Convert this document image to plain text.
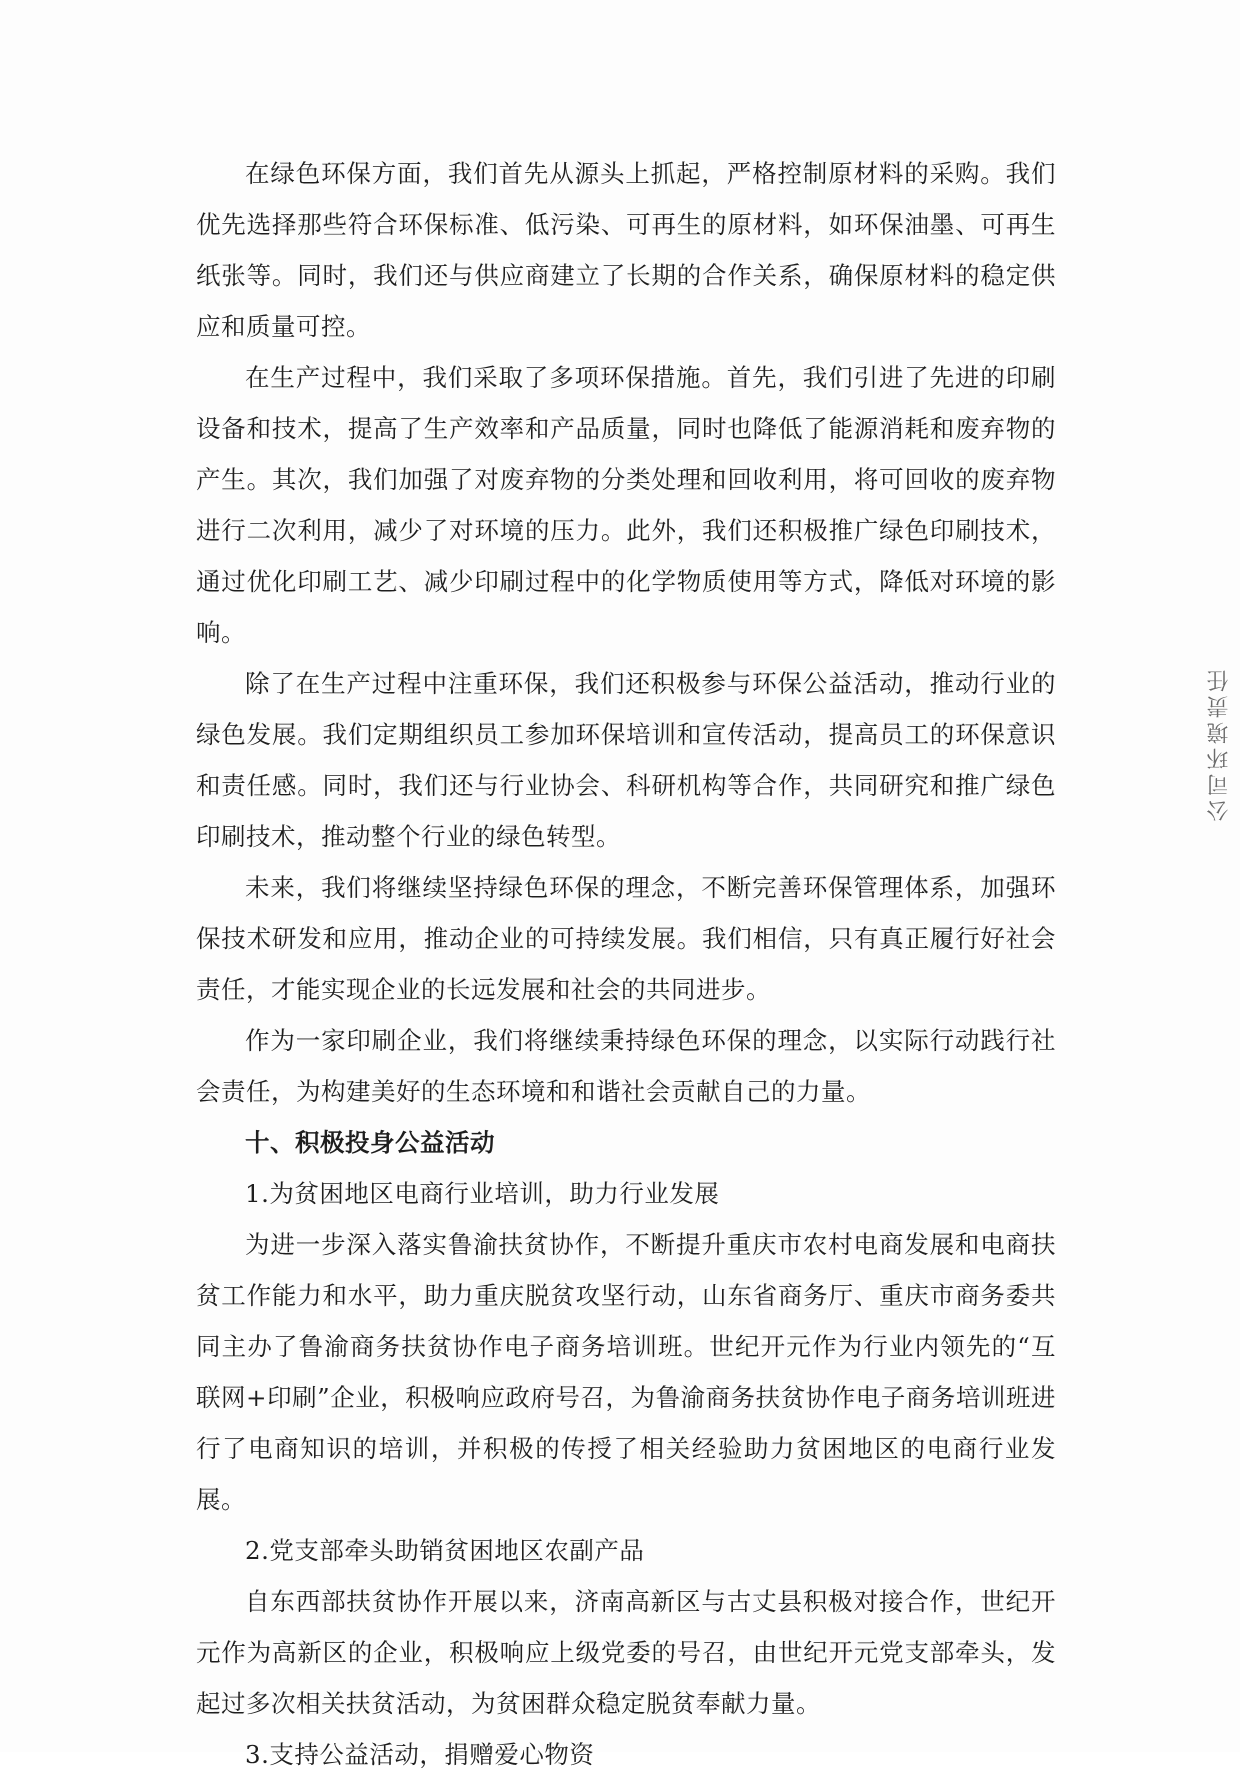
在绿色环保方面，我们首先从源头上抓起，严格控制原材料的采购。我们优先选择那些符合环保标准、低污染、可再生的原材料，如环保油墨、可再生纸张等。同时，我们还与供应商建立了长期的合作关系，确保原材料的稳定供应和质量可控。

在生产过程中，我们采取了多项环保措施。首先，我们引进了先进的印刷设备和技术，提高了生产效率和产品质量，同时也降低了能源消耗和废弃物的产生。其次，我们加强了对废弃物的分类处理和回收利用，将可回收的废弃物进行二次利用，减少了对环境的压力。此外，我们还积极推广绿色印刷技术，通过优化印刷工艺、减少印刷过程中的化学物质使用等方式，降低对环境的影响。

除了在生产过程中注重环保，我们还积极参与环保公益活动，推动行业的绿色发展。我们定期组织员工参加环保培训和宣传活动，提高员工的环保意识和责任感。同时，我们还与行业协会、科研机构等合作，共同研究和推广绿色印刷技术，推动整个行业的绿色转型。

未来，我们将继续坚持绿色环保的理念，不断完善环保管理体系，加强环保技术研发和应用，推动企业的可持续发展。我们相信，只有真正履行好社会责任，才能实现企业的长远发展和社会的共同进步。

作为一家印刷企业，我们将继续秉持绿色环保的理念，以实际行动践行社会责任，为构建美好的生态环境和和谐社会贡献自己的力量。

十、积极投身公益活动

1.为贫困地区电商行业培训，助力行业发展

为进一步深入落实鲁渝扶贫协作，不断提升重庆市农村电商发展和电商扶贫工作能力和水平，助力重庆脱贫攻坚行动，山东省商务厅、重庆市商务委共同主办了鲁渝商务扶贫协作电子商务培训班。世纪开元作为行业内领先的“互联网+印刷”企业，积极响应政府号召，为鲁渝商务扶贫协作电子商务培训班进行了电商知识的培训，并积极的传授了相关经验助力贫困地区的电商行业发展。

2.党支部牵头助销贫困地区农副产品

自东西部扶贫协作开展以来，济南高新区与古丈县积极对接合作，世纪开元作为高新区的企业，积极响应上级党委的号召，由世纪开元党支部牵头，发起过多次相关扶贫活动，为贫困群众稳定脱贫奉献力量。

3.支持公益活动，捐赠爱心物资

公司环境责任
